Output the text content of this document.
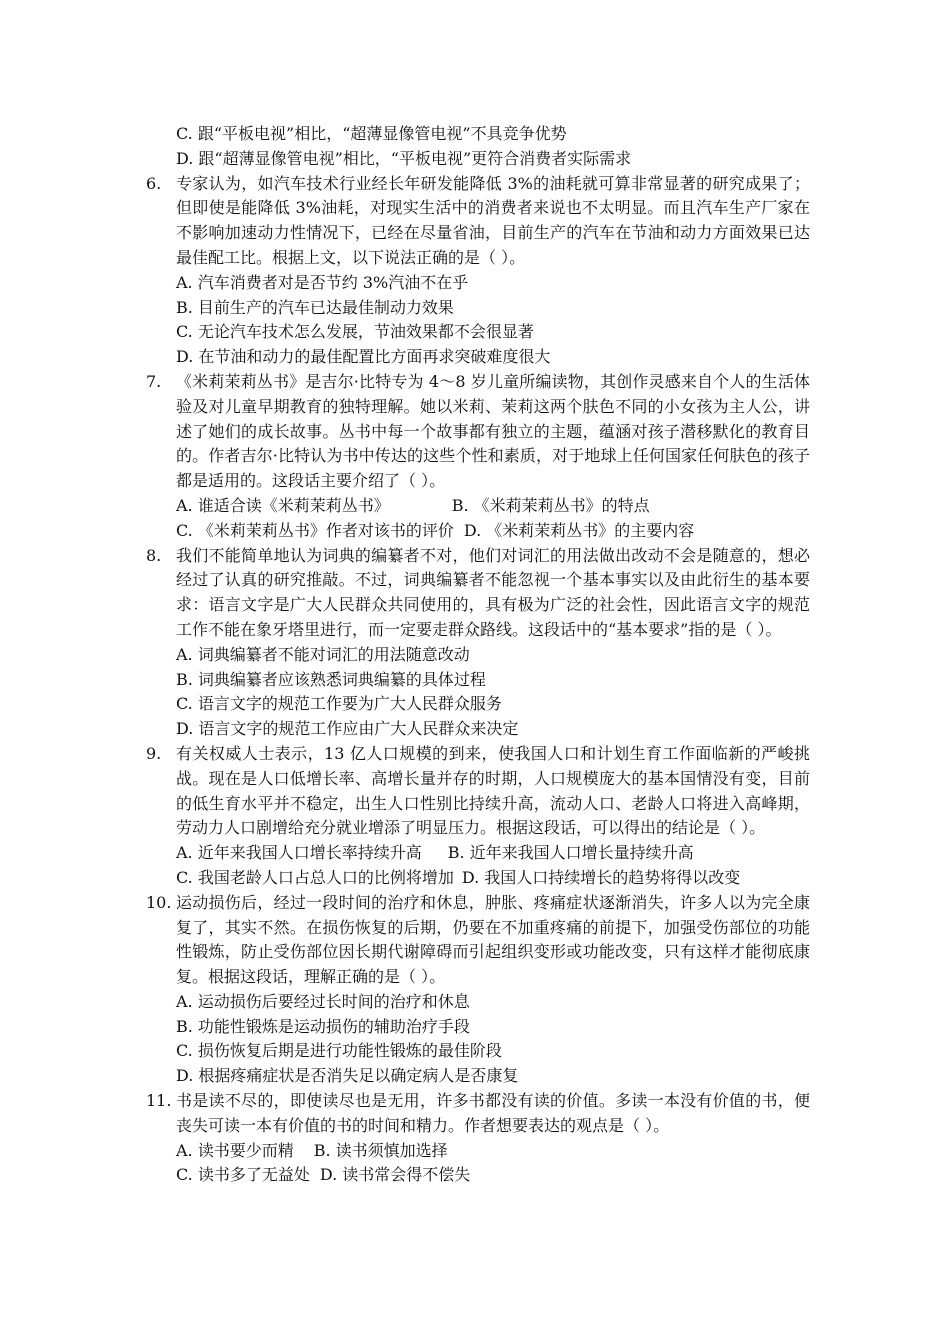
C. 跟“平板电视”相比，“超薄显像管电视”不具竞争优势
D. 跟“超薄显像管电视”相比，“平板电视”更符合消费者实际需求
6. 专家认为，如汽车技术行业经长年研发能降低 3%的油耗就可算非常显著的研究成果了；但即使是能降低 3%油耗，对现实生活中的消费者来说也不太明显。而且汽车生产厂家在不影响加速动力性情况下，已经在尽量省油，目前生产的汽车在节油和动力方面效果已达最佳配工比。根据上文，以下说法正确的是（ ）。
A. 汽车消费者对是否节约 3%汽油不在乎
B. 目前生产的汽车已达最佳制动力效果
C. 无论汽车技术怎么发展，节油效果都不会很显著
D. 在节油和动力的最佳配置比方面再求突破难度很大
7. 《米莉茉莉丛书》是吉尔·比特专为 4～8 岁儿童所编读物，其创作灵感来自个人的生活体验及对儿童早期教育的独特理解。她以米莉、茉莉这两个肤色不同的小女孩为主人公，讲述了她们的成长故事。丛书中每一个故事都有独立的主题，蕴涵对孩子潜移默化的教育目的。作者吉尔·比特认为书中传达的这些个性和素质，对于地球上任何国家任何肤色的孩子都是适用的。这段话主要介绍了（ ）。
A. 谁适合读《米莉茉莉丛书》	B. 《米莉茉莉丛书》的特点
C. 《米莉茉莉丛书》作者对该书的评价 D. 《米莉茉莉丛书》的主要内容
8. 我们不能简单地认为词典的编纂者不对，他们对词汇的用法做出改动不会是随意的，想必经过了认真的研究推敲。不过，词典编纂者不能忽视一个基本事实以及由此衍生的基本要求：语言文字是广大人民群众共同使用的，具有极为广泛的社会性，因此语言文字的规范工作不能在象牙塔里进行，而一定要走群众路线。这段话中的“基本要求”指的是（ ）。
A. 词典编纂者不能对词汇的用法随意改动
B. 词典编纂者应该熟悉词典编纂的具体过程
C. 语言文字的规范工作要为广大人民群众服务
D. 语言文字的规范工作应由广大人民群众来决定
9. 有关权威人士表示，13 亿人口规模的到来，使我国人口和计划生育工作面临新的严峻挑战。现在是人口低增长率、高增长量并存的时期，人口规模庞大的基本国情没有变，目前的低生育水平并不稳定，出生人口性别比持续升高，流动人口、老龄人口将进入高峰期，劳动力人口剧增给充分就业增添了明显压力。根据这段话，可以得出的结论是（ ）。
A. 近年来我国人口增长率持续升高 B. 近年来我国人口增长量持续升高
C. 我国老龄人口占总人口的比例将增加 D. 我国人口持续增长的趋势将得以改变
10. 运动损伤后，经过一段时间的治疗和休息，肿胀、疼痛症状逐渐消失，许多人以为完全康复了，其实不然。在损伤恢复的后期，仍要在不加重疼痛的前提下，加强受伤部位的功能性锻炼，防止受伤部位因长期代谢障碍而引起组织变形或功能改变，只有这样才能彻底康复。根据这段话，理解正确的是（ ）。
A. 运动损伤后要经过长时间的治疗和休息
B. 功能性锻炼是运动损伤的辅助治疗手段
C. 损伤恢复后期是进行功能性锻炼的最佳阶段
D. 根据疼痛症状是否消失足以确定病人是否康复
11. 书是读不尽的，即使读尽也是无用，许多书都没有读的价值。多读一本没有价值的书，便丧失可读一本有价值的书的时间和精力。作者想要表达的观点是（ ）。
A. 读书要少而精 B. 读书须慎加选择
C. 读书多了无益处 D. 读书常会得不偿失
